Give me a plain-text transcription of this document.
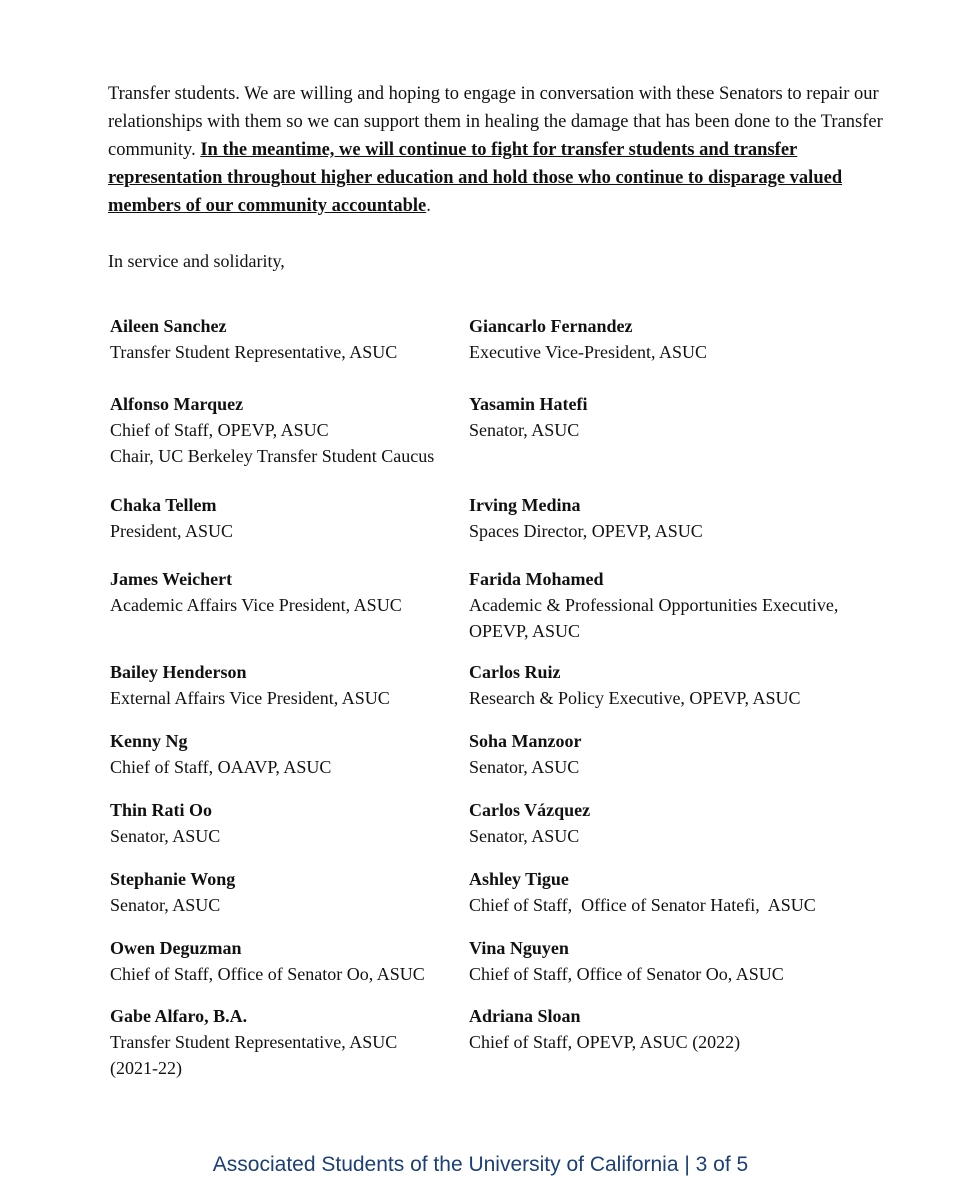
Transfer students. We are willing and hoping to engage in conversation with these Senators to repair our relationships with them so we can support them in healing the damage that has been done to the Transfer community. In the meantime, we will continue to fight for transfer students and transfer representation throughout higher education and hold those who continue to disparage valued members of our community accountable.
In service and solidarity,
Aileen Sanchez
Transfer Student Representative, ASUC
Alfonso Marquez
Chief of Staff, OPEVP, ASUC
Chair, UC Berkeley Transfer Student Caucus
Chaka Tellem
President, ASUC
James Weichert
Academic Affairs Vice President, ASUC
Bailey Henderson
External Affairs Vice President, ASUC
Kenny Ng
Chief of Staff, OAAVP, ASUC
Thin Rati Oo
Senator, ASUC
Stephanie Wong
Senator, ASUC
Owen Deguzman
Chief of Staff, Office of Senator Oo, ASUC
Gabe Alfaro, B.A.
Transfer Student Representative, ASUC
(2021-22)
Giancarlo Fernandez
Executive Vice-President, ASUC
Yasamin Hatefi
Senator, ASUC
Irving Medina
Spaces Director, OPEVP, ASUC
Farida Mohamed
Academic & Professional Opportunities Executive,
OPEVP, ASUC
Carlos Ruiz
Research & Policy Executive, OPEVP, ASUC
Soha Manzoor
Senator, ASUC
Carlos Vázquez
Senator, ASUC
Ashley Tigue
Chief of Staff,  Office of Senator Hatefi,  ASUC
Vina Nguyen
Chief of Staff, Office of Senator Oo, ASUC
Adriana Sloan
Chief of Staff, OPEVP, ASUC (2022)
Associated Students of the University of California | 3 of 5
